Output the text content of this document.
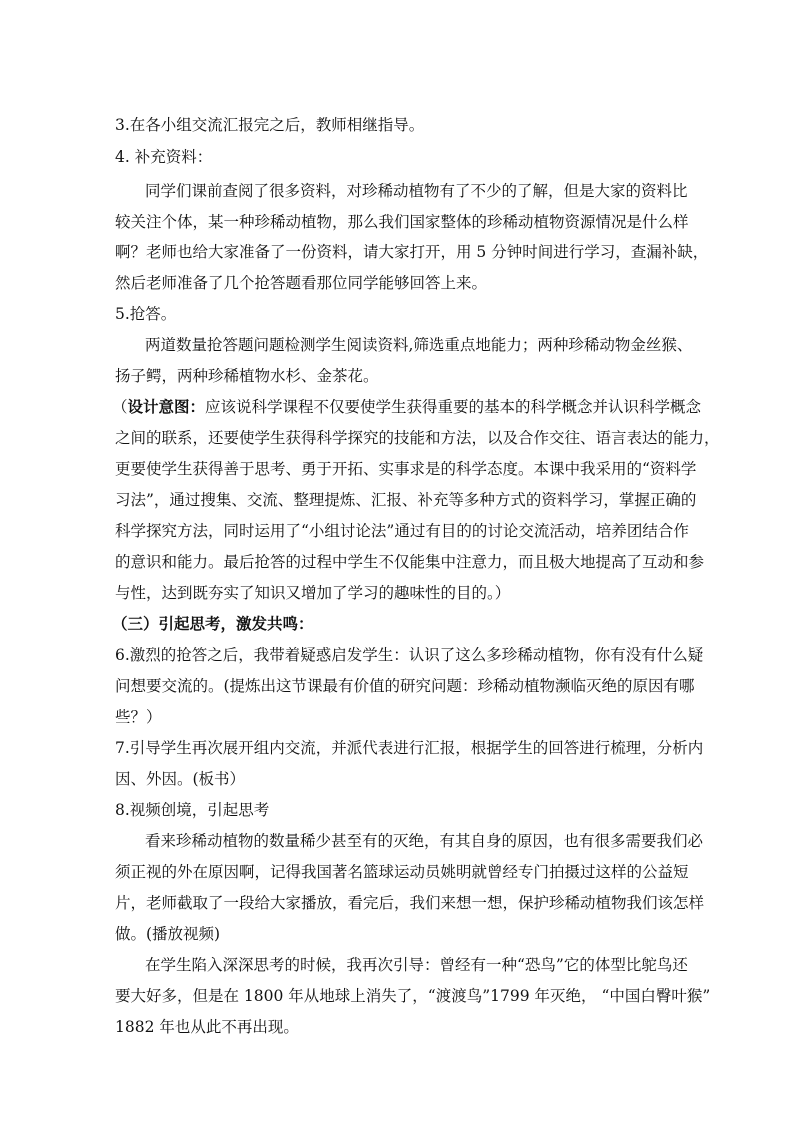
3.在各小组交流汇报完之后，教师相继指导。
4. 补充资料：
同学们课前查阅了很多资料，对珍稀动植物有了不少的了解，但是大家的资料比
较关注个体，某一种珍稀动植物，那么我们国家整体的珍稀动植物资源情况是什么样
啊？老师也给大家准备了一份资料，请大家打开，用 5 分钟时间进行学习，查漏补缺，
然后老师准备了几个抢答题看那位同学能够回答上来。
5.抢答。
两道数量抢答题问题检测学生阅读资料,筛选重点地能力；两种珍稀动物金丝猴、
扬子鳄，两种珍稀植物水杉、金茶花。
（设计意图：应该说科学课程不仅要使学生获得重要的基本的科学概念并认识科学概念
之间的联系，还要使学生获得科学探究的技能和方法，以及合作交往、语言表达的能力，
更要使学生获得善于思考、勇于开拓、实事求是的科学态度。本课中我采用的“资料学
习法”，通过搜集、交流、整理提炼、汇报、补充等多种方式的资料学习，掌握正确的
科学探究方法，同时运用了“小组讨论法”通过有目的的讨论交流活动，培养团结合作
的意识和能力。最后抢答的过程中学生不仅能集中注意力，而且极大地提高了互动和参
与性，达到既夯实了知识又增加了学习的趣味性的目的。）
（三）引起思考，激发共鸣：
6.激烈的抢答之后，我带着疑惑启发学生：认识了这么多珍稀动植物，你有没有什么疑
问想要交流的。(提炼出这节课最有价值的研究问题：珍稀动植物濒临灭绝的原因有哪
些？）
7.引导学生再次展开组内交流，并派代表进行汇报，根据学生的回答进行梳理，分析内
因、外因。(板书）
8.视频创境，引起思考
看来珍稀动植物的数量稀少甚至有的灭绝，有其自身的原因，也有很多需要我们必
须正视的外在原因啊，记得我国著名篮球运动员姚明就曾经专门拍摄过这样的公益短
片，老师截取了一段给大家播放，看完后，我们来想一想，保护珍稀动植物我们该怎样
做。(播放视频)
在学生陷入深深思考的时候，我再次引导：曾经有一种“恐鸟”它的体型比鸵鸟还
要大好多，但是在 1800 年从地球上消失了，“渡渡鸟”1799 年灭绝， “中国白臀叶猴”
1882 年也从此不再出现。
